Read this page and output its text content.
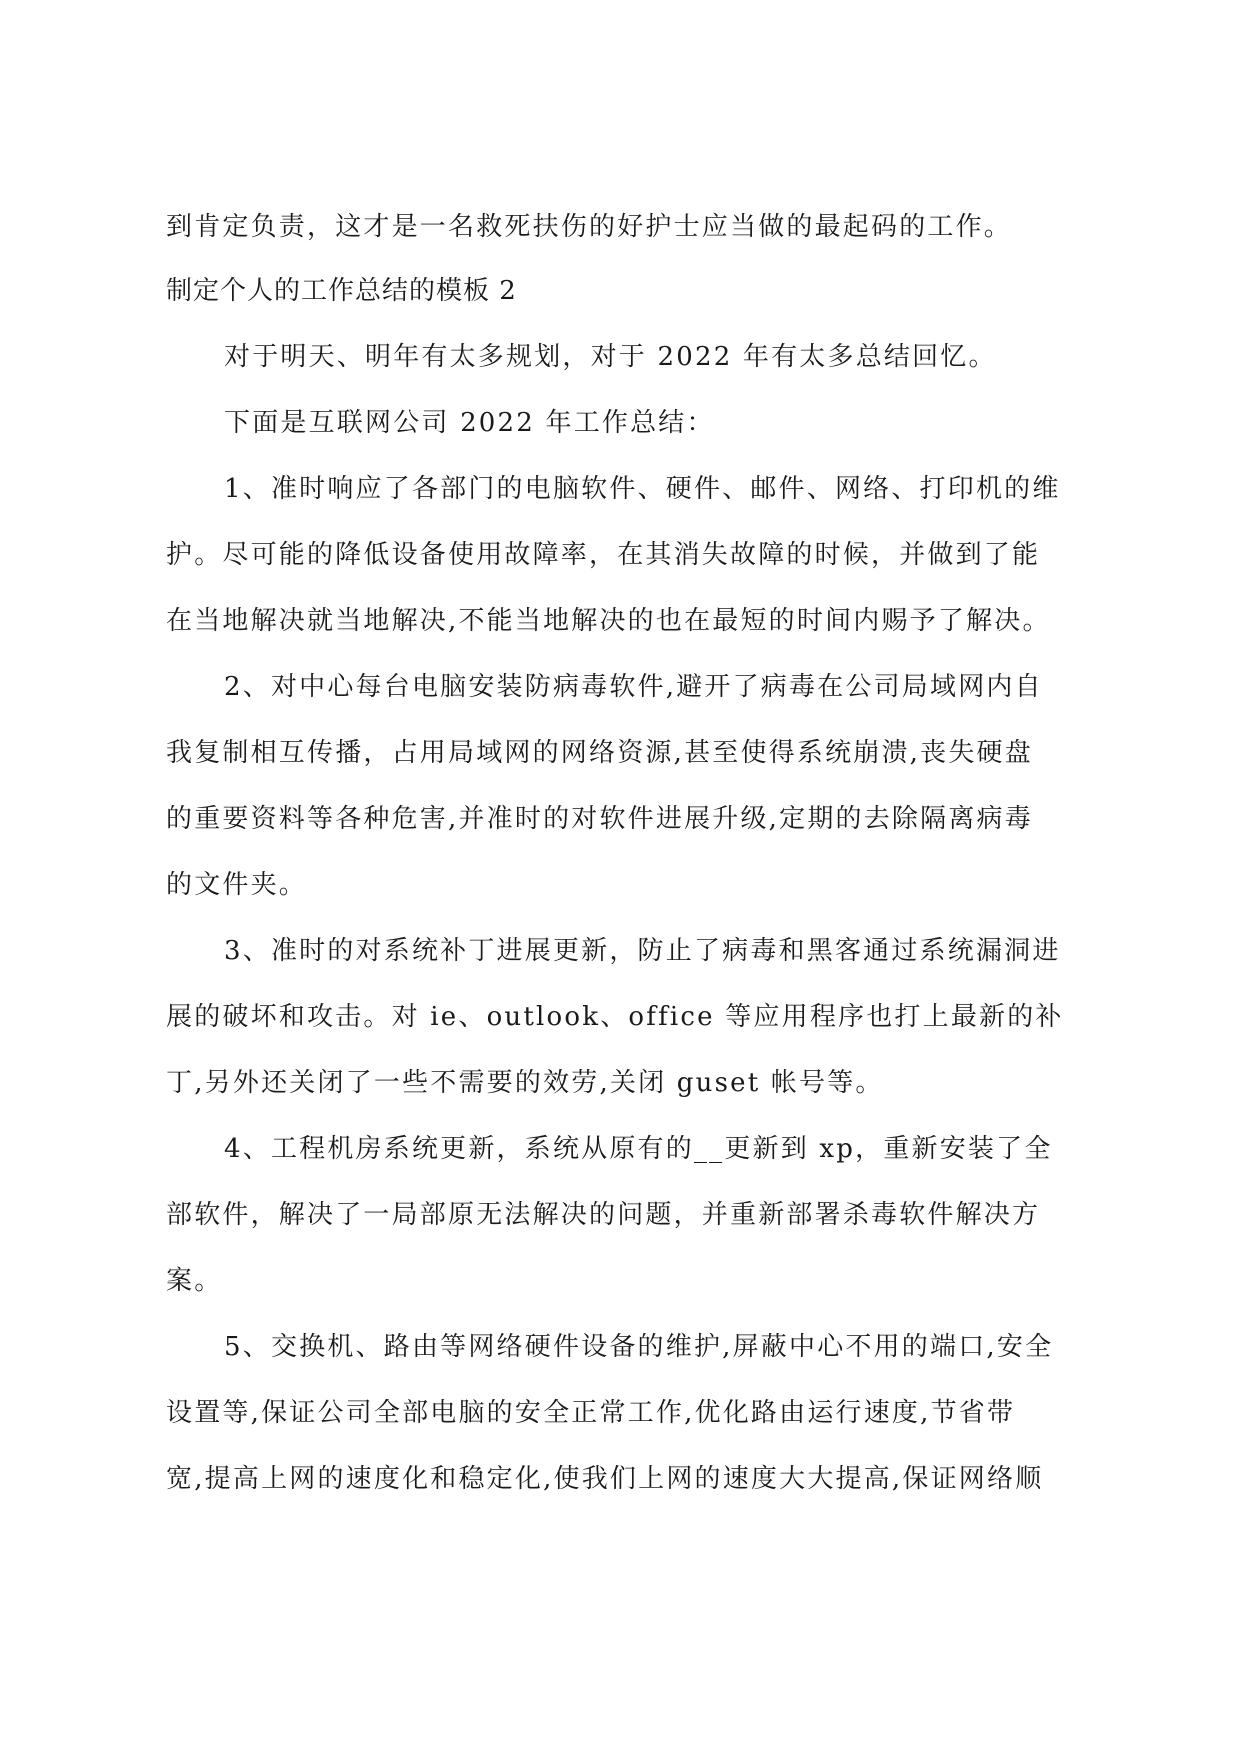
到肯定负责，这才是一名救死扶伤的好护士应当做的最起码的工作。
制定个人的工作总结的模板 2
对于明天、明年有太多规划，对于 2022 年有太多总结回忆。
下面是互联网公司 2022 年工作总结：
1、准时响应了各部门的电脑软件、硬件、邮件、网络、打印机的维
护。尽可能的降低设备使用故障率，在其消失故障的时候，并做到了能
在当地解决就当地解决,不能当地解决的也在最短的时间内赐予了解决。
2、对中心每台电脑安装防病毒软件,避开了病毒在公司局域网内自
我复制相互传播，占用局域网的网络资源,甚至使得系统崩溃,丧失硬盘
的重要资料等各种危害,并准时的对软件进展升级,定期的去除隔离病毒
的文件夹。
3、准时的对系统补丁进展更新，防止了病毒和黑客通过系统漏洞进
展的破坏和攻击。对 ie、outlook、office 等应用程序也打上最新的补
丁,另外还关闭了一些不需要的效劳,关闭 guset 帐号等。
4、工程机房系统更新，系统从原有的__更新到 xp，重新安装了全
部软件，解决了一局部原无法解决的问题，并重新部署杀毒软件解决方
案。
5、交换机、路由等网络硬件设备的维护,屏蔽中心不用的端口,安全
设置等,保证公司全部电脑的安全正常工作,优化路由运行速度,节省带
宽,提高上网的速度化和稳定化,使我们上网的速度大大提高,保证网络顺
